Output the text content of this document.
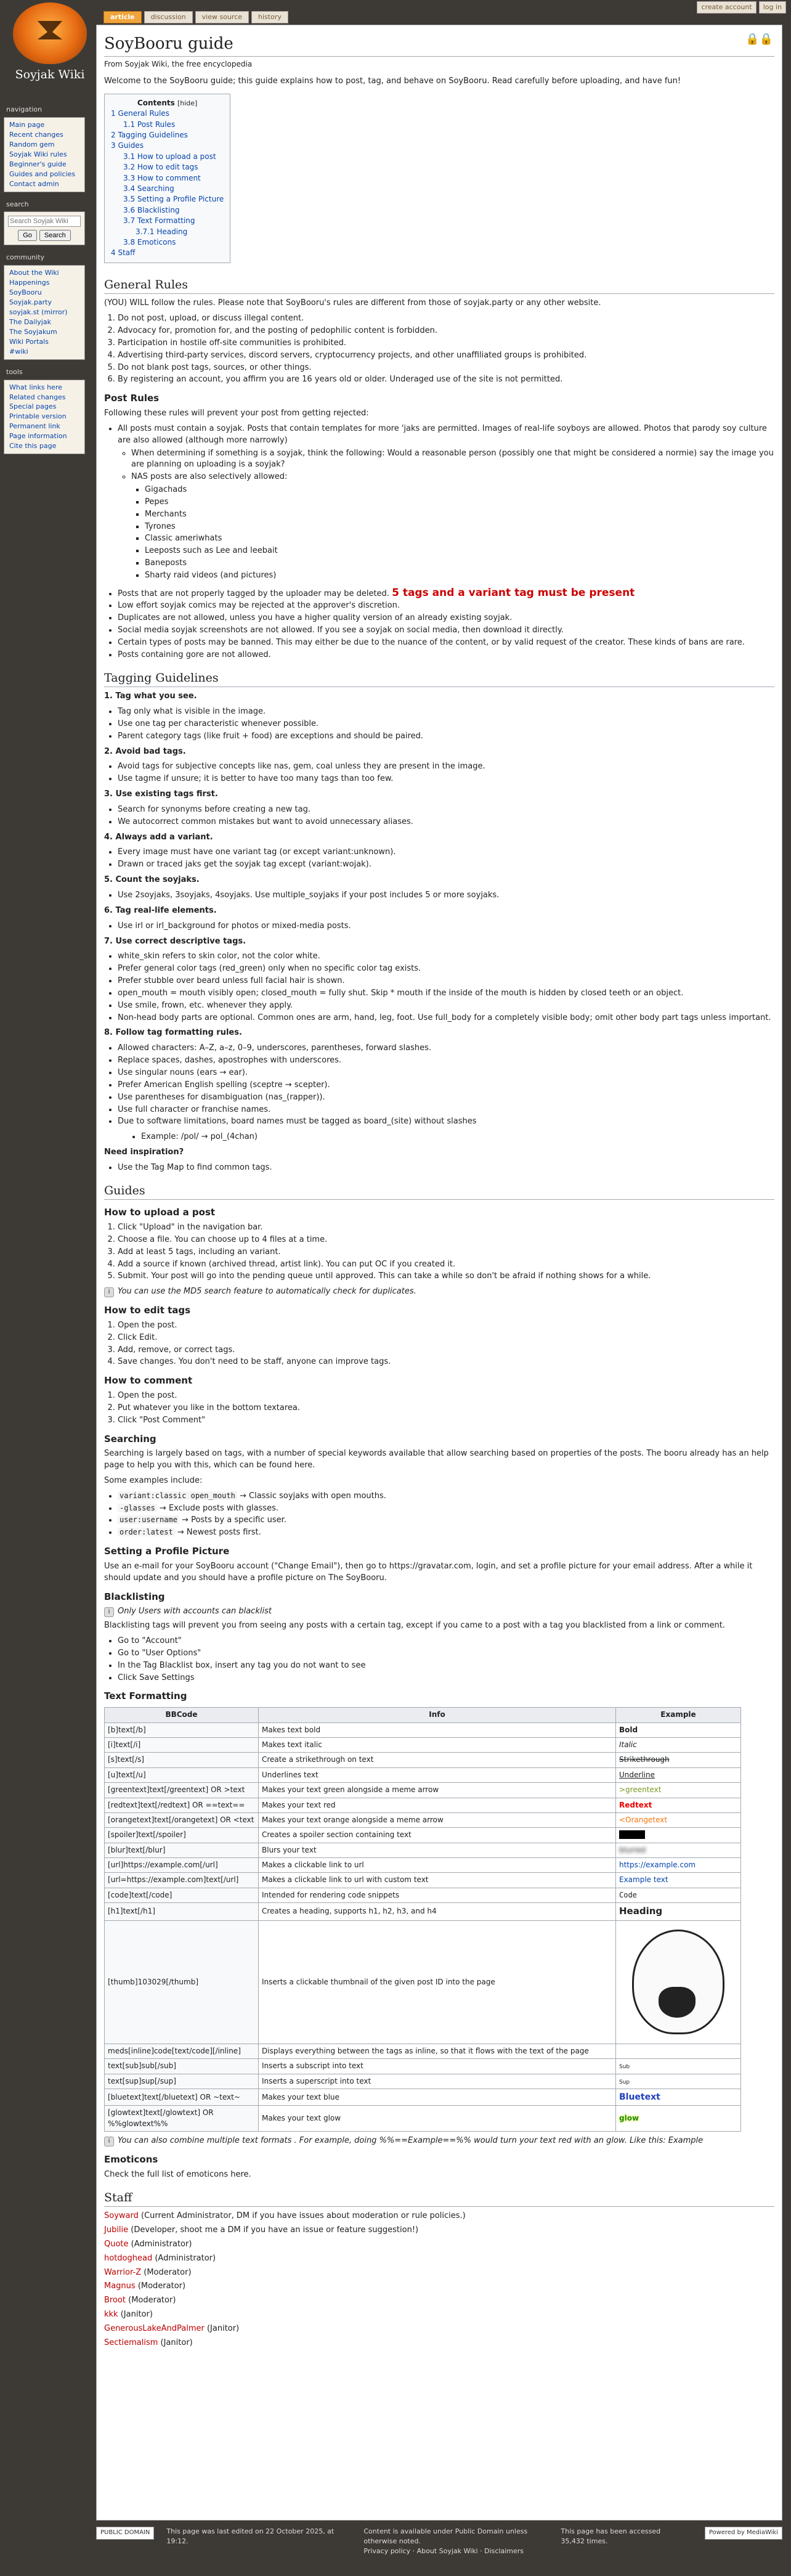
create account	log in
article	discussion	view source	history
Soyjak Wiki
navigation
Main page
Recent changes
Random gem
Soyjak Wiki rules
Beginner's guide
Guides and policies
Contact admin
search
Search Soyjak Wiki
Go	Search
community
About the Wiki
Happenings
SoyBooru
Soyjak.party
soyjak.st (mirror)
The Dailyjak
The Soyjakum
Wiki Portals
#wiki
tools
What links here
Related changes
Special pages
Printable version
Permanent link
Page information
Cite this page
🔒🔒
SoyBooru guide
From Soyjak Wiki, the free encyclopedia

Welcome to the SoyBooru guide; this guide explains how to post, tag, and behave on SoyBooru. Read carefully before uploading, and have fun!

Contents [hide]
1 General Rules
1.1 Post Rules
2 Tagging Guidelines
3 Guides
3.1 How to upload a post
3.2 How to edit tags
3.3 How to comment
3.4 Searching
3.5 Setting a Profile Picture
3.6 Blacklisting
3.7 Text Formatting
3.7.1 Heading
3.8 Emoticons
4 Staff
General Rules

(YOU) WILL follow the rules. Please note that SoyBooru's rules are different from those of soyjak.party or any other website.

1. Do not post, upload, or discuss illegal content.
2. Advocacy for, promotion for, and the posting of pedophilic content is forbidden.
3. Participation in hostile off-site communities is prohibited.
4. Advertising third-party services, discord servers, cryptocurrency projects, and other unaffiliated groups is prohibited.
5. Do not blank post tags, sources, or other things.
6. By registering an account, you affirm you are 16 years old or older. Underaged use of the site is not permitted.
Post Rules

Following these rules will prevent your post from getting rejected:

• All posts must contain a soyjak. Posts that contain templates for more 'jaks are permitted. Images of real-life soyboys are allowed. Photos that parody soy culture are also allowed (although more narrowly)
◦ When determining if something is a soyjak, think the following: Would a reasonable person (possibly one that might be considered a normie) say the image you are planning on uploading is a soyjak?
◦ NAS posts are also selectively allowed:
▪ Gigachads
▪ Pepes
▪ Merchants
▪ Tyrones
▪ Classic ameriwhats
▪ Leeposts such as Lee and leebait
▪ Baneposts
▪ Sharty raid videos (and pictures)
• Posts that are not properly tagged by the uploader may be deleted. 5 tags and a variant tag must be present
• Low effort soyjak comics may be rejected at the approver's discretion.
• Duplicates are not allowed, unless you have a higher quality version of an already existing soyjak.
• Social media soyjak screenshots are not allowed. If you see a soyjak on social media, then download it directly.
• Certain types of posts may be banned. This may either be due to the nuance of the content, or by valid request of the creator. These kinds of bans are rare.
• Posts containing gore are not allowed.
Tagging Guidelines

1. Tag what you see.

• Tag only what is visible in the image.
• Use one tag per characteristic whenever possible.
• Parent category tags (like fruit + food) are exceptions and should be paired.

2. Avoid bad tags.

• Avoid tags for subjective concepts like nas, gem, coal unless they are present in the image.
• Use tagme if unsure; it is better to have too many tags than too few.

3. Use existing tags first.

• Search for synonyms before creating a new tag.
• We autocorrect common mistakes but want to avoid unnecessary aliases.

4. Always add a variant.

• Every image must have one variant tag (or except variant:unknown).
• Drawn or traced jaks get the soyjak tag except (variant:wojak).

5. Count the soyjaks.

• Use 2soyjaks, 3soyjaks, 4soyjaks. Use multiple_soyjaks if your post includes 5 or more soyjaks.

6. Tag real-life elements.

• Use irl or irl_background for photos or mixed-media posts.

7. Use correct descriptive tags.

• white_skin refers to skin color, not the color white.
• Prefer general color tags (red_green) only when no specific color tag exists.
• Prefer stubble over beard unless full facial hair is shown.
• open_mouth = mouth visibly open; closed_mouth = fully shut. Skip * mouth if the inside of the mouth is hidden by closed teeth or an object.
• Use smile, frown, etc. whenever they apply.
• Non-head body parts are optional. Common ones are arm, hand, leg, foot. Use full_body for a completely visible body; omit other body part tags unless important.

8. Follow tag formatting rules.

• Allowed characters: A–Z, a–z, 0–9, underscores, parentheses, forward slashes.
• Replace spaces, dashes, apostrophes with underscores.
• Use singular nouns (ears → ear).
• Prefer American English spelling (sceptre → scepter).
• Use parentheses for disambiguation (nas_(rapper)).
• Use full character or franchise names.
• Due to software limitations, board names must be tagged as board_(site) without slashes
• Example: /pol/ → pol_(4chan)

Need inspiration?

• Use the Tag Map to find common tags.
Guides
How to upload a post
1. Click "Upload" in the navigation bar.
2. Choose a file. You can choose up to 4 files at a time.
3. Add at least 5 tags, including an variant.
4. Add a source if known (archived thread, artist link). You can put OC if you created it.
5. Submit. Your post will go into the pending queue until approved. This can take a while so don't be afraid if nothing shows for a while.
i You can use the MD5 search feature to automatically check for duplicates.
How to edit tags
1. Open the post.
2. Click Edit.
3. Add, remove, or correct tags.
4. Save changes. You don't need to be staff, anyone can improve tags.
How to comment
1. Open the post.
2. Put whatever you like in the bottom textarea.
3. Click "Post Comment"
Searching

Searching is largely based on tags, with a number of special keywords available that allow searching based on properties of the posts. The booru already has an help page to help you with this, which can be found here.

Some examples include:

• variant:classic open_mouth → Classic soyjaks with open mouths.
• -glasses → Exclude posts with glasses.
• user:username → Posts by a specific user.
• order:latest → Newest posts first.
Setting a Profile Picture

Use an e-mail for your SoyBooru account ("Change Email"), then go to https://gravatar.com, login, and set a profile picture for your email address. After a while it should update and you should have a profile picture on The SoyBooru.

Blacklisting
i Only Users with accounts can blacklist

Blacklisting tags will prevent you from seeing any posts with a certain tag, except if you came to a post with a tag you blacklisted from a link or comment.

• Go to "Account"
• Go to "User Options"
• In the Tag Blacklist box, insert any tag you do not want to see
• Click Save Settings
Text Formatting
BBCode	Info	Example
[b]text[/b]	Makes text bold	Bold
[i]text[/i]	Makes text italic	Italic
[s]text[/s]	Create a strikethrough on text	Strikethrough
[u]text[/u]	Underlines text	Underline
[greentext]text[/greentext] OR >text	Makes your text green alongside a meme arrow	>greentext
[redtext]text[/redtext] OR ==text==	Makes your text red	Redtext
[orangetext]text[/orangetext] OR <text	Makes your text orange alongside a meme arrow	<Orangetext
[spoiler]text[/spoiler]	Creates a spoiler section containing text	Spoiler
[blur]text[/blur]	Blurs your text	blurred
[url]https://example.com[/url]	Makes a clickable link to url	https://example.com
[url=https://example.com]text[/url]	Makes a clickable link to url with custom text	Example text
[code]text[/code]	Intended for rendering code snippets	Code
[h1]text[/h1]	Creates a heading, supports h1, h2, h3, and h4	Heading
[thumb]103029[/thumb]	Inserts a clickable thumbnail of the given post ID into the page	

meds[inline]code[text/code][/inline]	Displays everything between the tags as inline, so that it flows with the text of the page	
text[sub]sub[/sub]	Inserts a subscript into text	Sub
text[sup]sup[/sup]	Inserts a superscript into text	Sup
[bluetext]text[/bluetext] OR ~text~	Makes your text blue	Bluetext
[glowtext]text[/glowtext] OR %%glowtext%%	Makes your text glow	glow
i You can also combine multiple text formats . For example, doing %%==Example==%% would turn your text red with an glow. Like this: Example
Emoticons

Check the full list of emoticons here.

Staff
Soyward (Current Administrator, DM if you have issues about moderation or rule policies.)
Jubilie (Developer, shoot me a DM if you have an issue or feature suggestion!)
Quote (Administrator)
hotdoghead (Administrator)
Warrior-Z (Moderator)
Magnus (Moderator)
Broot (Moderator)
kkk (Janitor)
GenerousLakeAndPalmer (Janitor)
Sectiemalism (Janitor)
PUBLIC DOMAIN	This page was last edited on 22 October 2025, at 19:12.
Content is available under Public Domain unless otherwise noted.
Privacy policy · About Soyjak Wiki · Disclaimers
This page has been accessed 35,432 times.
Powered by MediaWiki
